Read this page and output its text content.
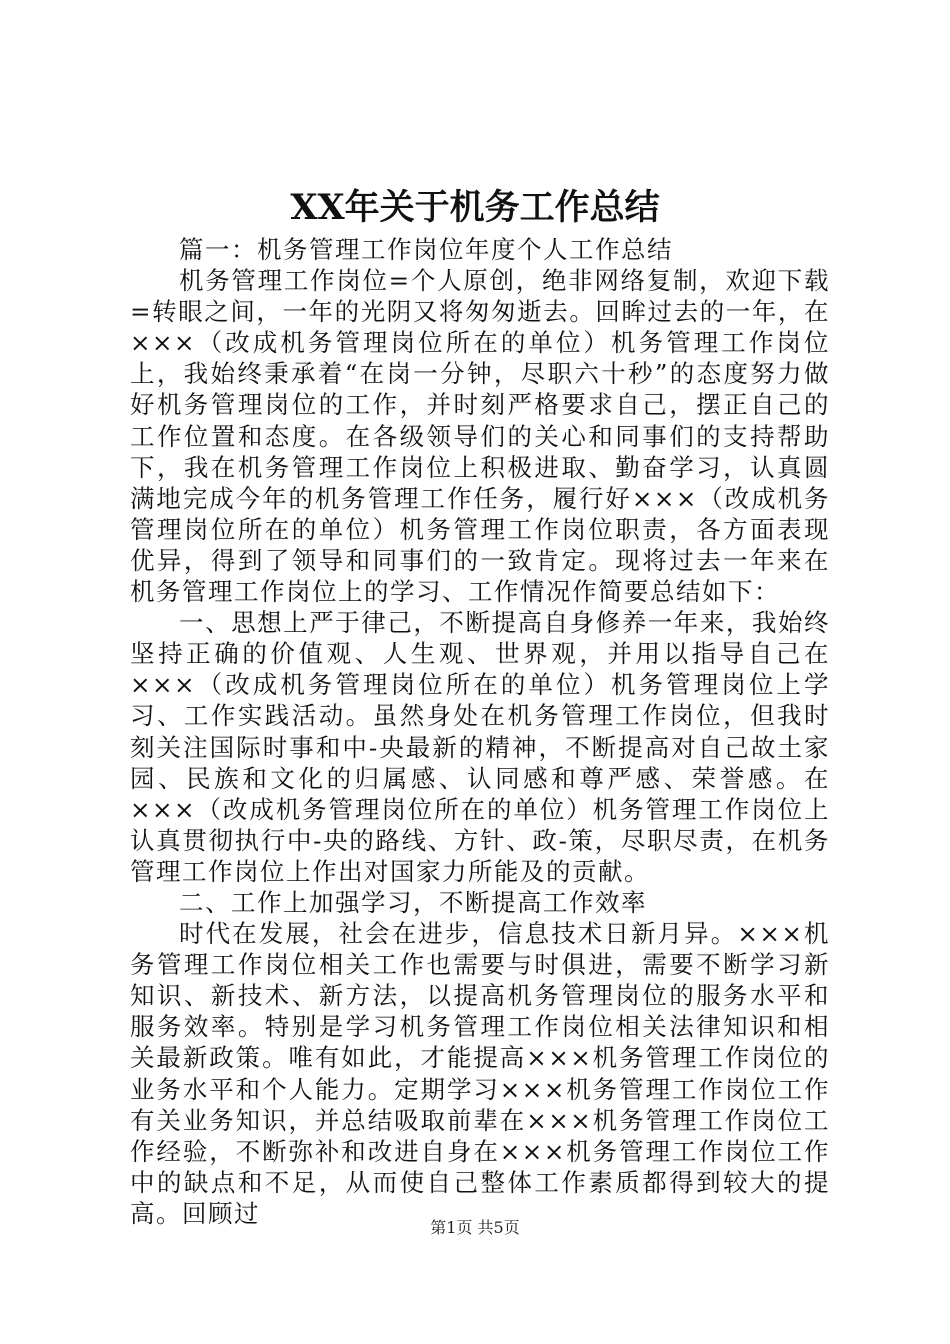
XX年关于机务工作总结

篇一：机务管理工作岗位年度个人工作总结

机务管理工作岗位=个人原创，绝非网络复制，欢迎下载=转眼之间，一年的光阴又将匆匆逝去。回眸过去的一年，在×××（改成机务管理岗位所在的单位）机务管理工作岗位上，我始终秉承着“在岗一分钟，尽职六十秒”的态度努力做好机务管理岗位的工作，并时刻严格要求自己，摆正自己的工作位置和态度。在各级领导们的关心和同事们的支持帮助下，我在机务管理工作岗位上积极进取、勤奋学习，认真圆满地完成今年的机务管理工作任务，履行好×××（改成机务管理岗位所在的单位）机务管理工作岗位职责，各方面表现优异，得到了领导和同事们的一致肯定。现将过去一年来在机务管理工作岗位上的学习、工作情况作简要总结如下：

一、思想上严于律己，不断提高自身修养一年来，我始终坚持正确的价值观、人生观、世界观，并用以指导自己在×××（改成机务管理岗位所在的单位）机务管理岗位上学习、工作实践活动。虽然身处在机务管理工作岗位，但我时刻关注国际时事和中-央最新的精神，不断提高对自己故土家园、民族和文化的归属感、认同感和尊严感、荣誉感。在×××（改成机务管理岗位所在的单位）机务管理工作岗位上认真贯彻执行中-央的路线、方针、政-策，尽职尽责，在机务管理工作岗位上作出对国家力所能及的贡献。

二、工作上加强学习，不断提高工作效率

时代在发展，社会在进步，信息技术日新月异。×××机务管理工作岗位相关工作也需要与时俱进，需要不断学习新知识、新技术、新方法，以提高机务管理岗位的服务水平和服务效率。特别是学习机务管理工作岗位相关法律知识和相关最新政策。唯有如此，才能提高×××机务管理工作岗位的业务水平和个人能力。定期学习×××机务管理工作岗位工作有关业务知识，并总结吸取前辈在×××机务管理工作岗位工作经验，不断弥补和改进自身在×××机务管理工作岗位工作中的缺点和不足，从而使自己整体工作素质都得到较大的提高。回顾过	第1页 共5页
